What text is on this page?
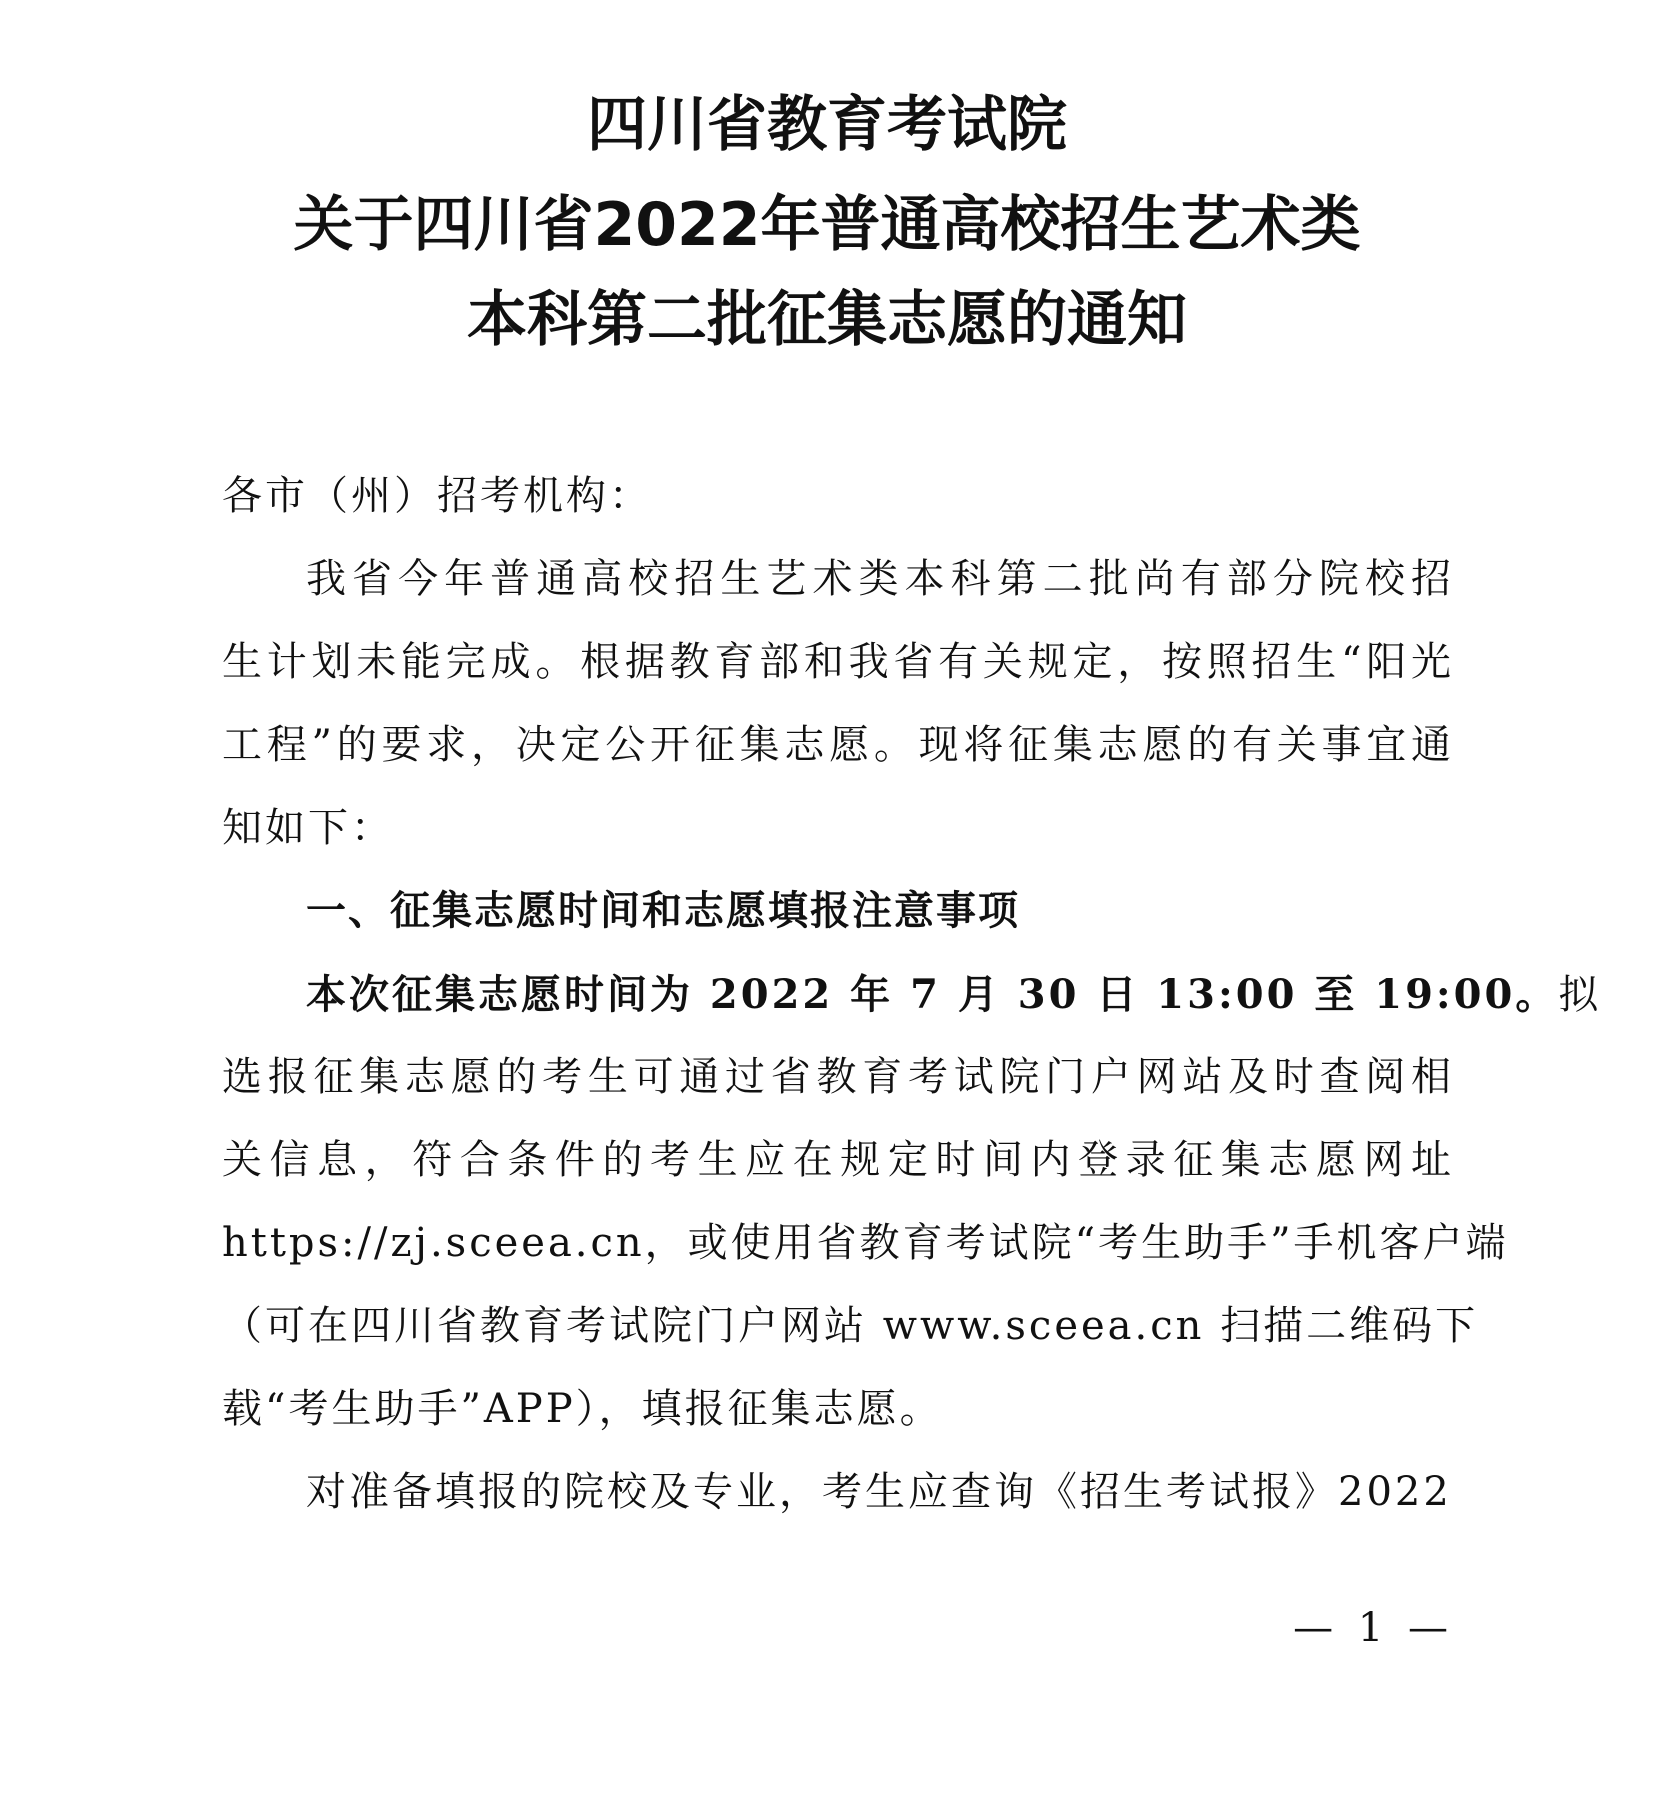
四川省教育考试院
关于四川省2022年普通高校招生艺术类
本科第二批征集志愿的通知
各市（州）招考机构：
我省今年普通高校招生艺术类本科第二批尚有部分院校招
生计划未能完成。根据教育部和我省有关规定，按照招生“阳光
工程”的要求，决定公开征集志愿。现将征集志愿的有关事宜通
知如下：
一、征集志愿时间和志愿填报注意事项
本次征集志愿时间为 2022 年 7 月 30 日 13:00 至 19:00。拟
选报征集志愿的考生可通过省教育考试院门户网站及时查阅相
关信息，符合条件的考生应在规定时间内登录征集志愿网址
https://zj.sceea.cn，或使用省教育考试院“考生助手”手机客户端
（可在四川省教育考试院门户网站 www.sceea.cn 扫描二维码下
载“考生助手”APP），填报征集志愿。
对准备填报的院校及专业，考生应查询《招生考试报》2022
— 1 —
